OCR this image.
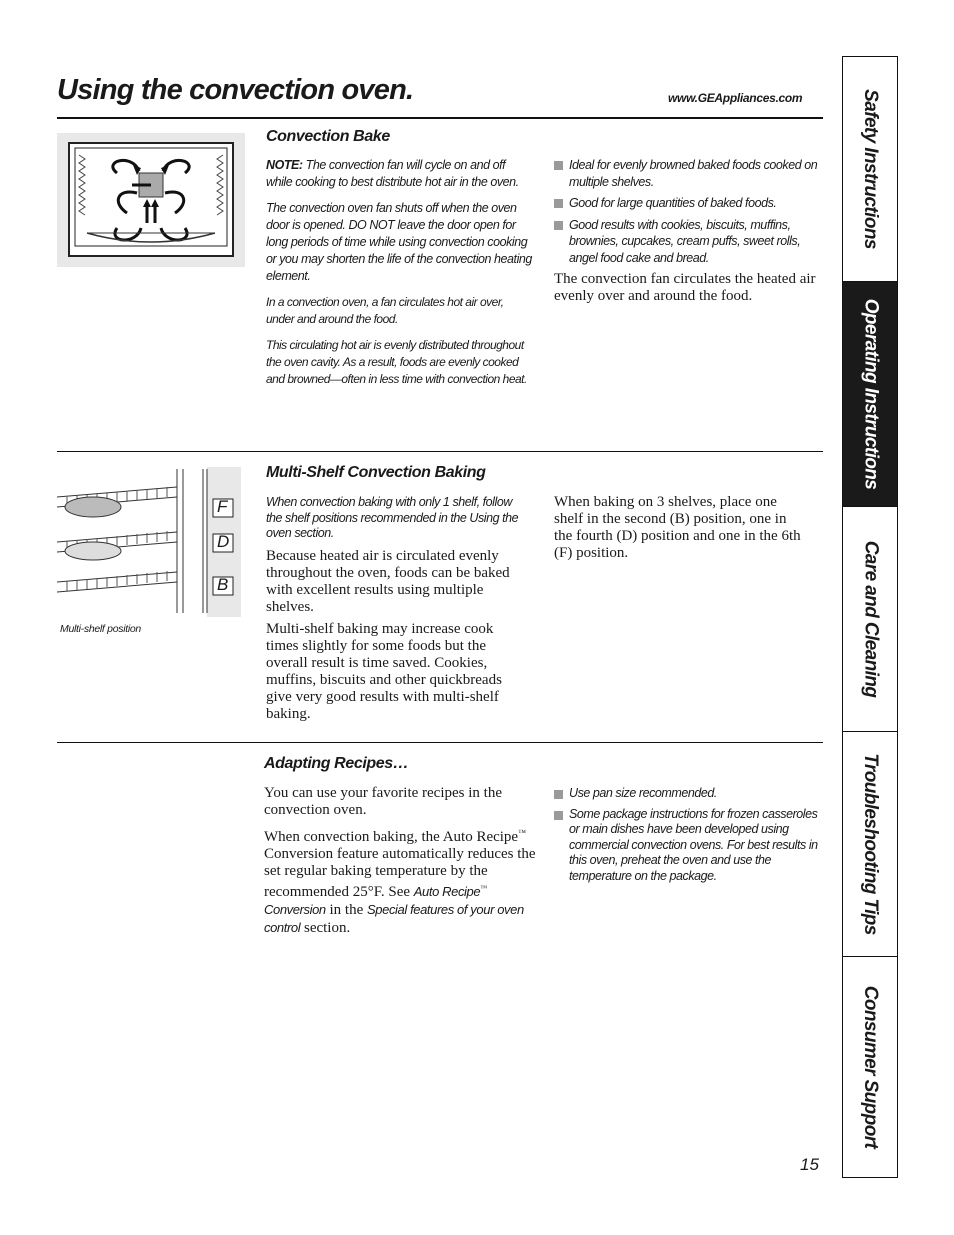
Using the convection oven.	www.GEAppliances.com
Convection Bake

NOTE: The convection fan will cycle on and off while cooking to best distribute hot air in the oven.

The convection oven fan shuts off when the oven door is opened. DO NOT leave the door open for long periods of time while using convection cooking or you may shorten the life of the convection heating element.

In a convection oven, a fan circulates hot air over, under and around the food.

This circulating hot air is evenly distributed throughout the oven cavity. As a result, foods are evenly cooked and browned—often in less time with convection heat.

Ideal for evenly browned baked foods cooked on multiple shelves.
Good for large quantities of baked foods.
Good results with cookies, biscuits, muffins, brownies, cupcakes, cream puffs, sweet rolls, angel food cake and bread.
The convection fan circulates the heated air evenly over and around the food.
F
D
B
Multi-shelf position
Multi-Shelf Convection Baking
When convection baking with only 1 shelf, follow the shelf positions recommended in the Using the oven section.

Because heated air is circulated evenly throughout the oven, foods can be baked with excellent results using multiple shelves.

Multi-shelf baking may increase cook times slightly for some foods but the overall result is time saved. Cookies, muffins, biscuits and other quickbreads give very good results with multi-shelf baking.

When baking on 3 shelves, place one shelf in the second (B) position, one in the fourth (D) position and one in the 6th (F) position.
Adapting Recipes…

You can use your favorite recipes in the convection oven.

When convection baking, the Auto Recipe™ Conversion feature automatically reduces the set regular baking temperature by the recommended 25°F. See Auto Recipe™ Conversion in the Special features of your oven control section.

Use pan size recommended.
Some package instructions for frozen casseroles or main dishes have been developed using commercial convection ovens. For best results in this oven, preheat the oven and use the temperature on the package.
Safety Instructions
Operating Instructions
Care and Cleaning
Troubleshooting Tips
Consumer Support
15
